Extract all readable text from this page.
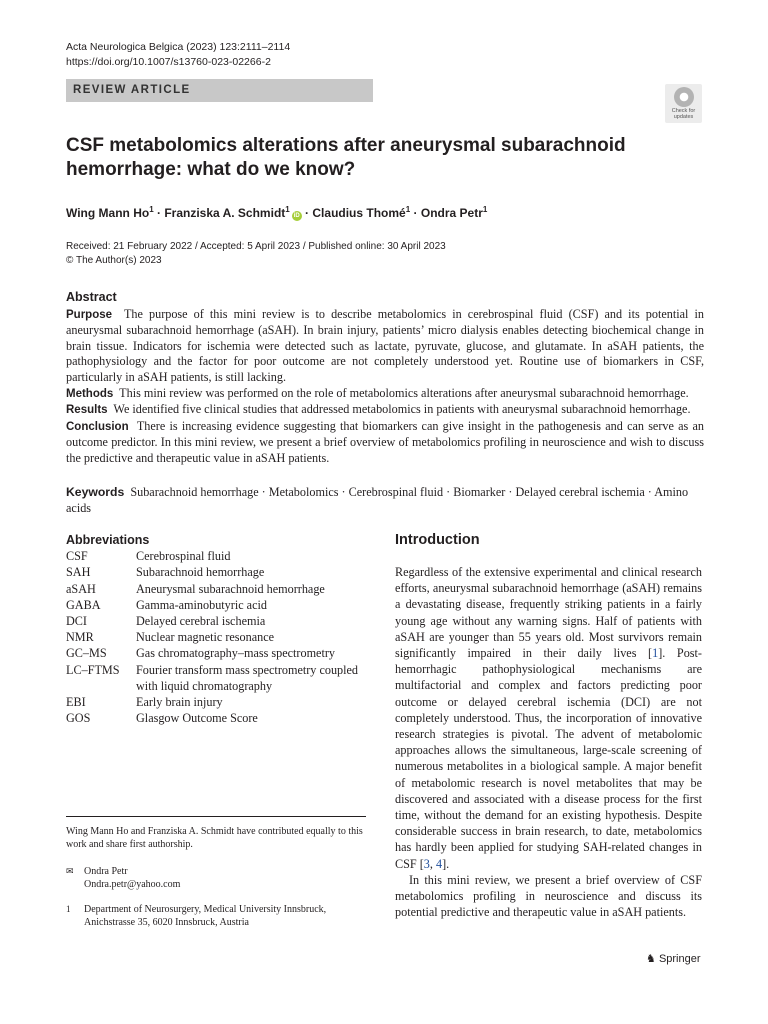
Acta Neurologica Belgica (2023) 123:2111–2114
https://doi.org/10.1007/s13760-023-02266-2
REVIEW ARTICLE
Check for
updates
CSF metabolomics alterations after aneurysmal subarachnoid hemorrhage: what do we know?
Wing Mann $Ho^1$ · Franziska A. Schmidt$^1$iD · Claudius Thomé$^1$ · Ondra Petr$^1$
Received: 21 February 2022 / Accepted: 5 April 2023 / Published online: 30 April 2023
© The Author(s) 2023
Abstract

Purpose The purpose of this mini review is to describe metabolomics in cerebrospinal fluid (CSF) and its potential in aneurysmal subarachnoid hemorrhage (aSAH). In brain injury, patients’ micro dialysis enables detecting biochemical change in brain tissue. Indicators for ischemia were detected such as lactate, pyruvate, glucose, and glutamate. In aSAH patients, the pathophysiology and the factor for poor outcome are not completely understood yet. Routine use of biomarkers in CSF, particularly in aSAH patients, is still lacking.

Methods This mini review was performed on the role of metabolomics alterations after aneurysmal subarachnoid hemorrhage.

Results We identified five clinical studies that addressed metabolomics in patients with aneurysmal subarachnoid hemorrhage.

Conclusion There is increasing evidence suggesting that biomarkers can give insight in the pathogenesis and can serve as an outcome predictor. In this mini review, we present a brief overview of metabolomics profiling in neuroscience and wish to discuss the predictive and therapeutic value in aSAH patients.

Keywords Subarachnoid hemorrhage · Metabolomics · Cerebrospinal fluid · Biomarker · Delayed cerebral ischemia · Amino acids
Abbreviations
CSF	Cerebrospinal fluid
SAH	Subarachnoid hemorrhage
aSAH	Aneurysmal subarachnoid hemorrhage
GABA	Gamma-aminobutyric acid
DCI	Delayed cerebral ischemia
NMR	Nuclear magnetic resonance
GC–MS	Gas chromatography–mass spectrometry
LC–FTMS	Fourier transform mass spectrometry coupled with liquid chromatography
EBI	Early brain injury
GOS	Glasgow Outcome Score
Wing Mann Ho and Franziska A. Schmidt have contributed equally to this work and share first authorship.
✉	Ondra Petr
Ondra.petr@yahoo.com
1	Department of Neurosurgery, Medical University Innsbruck, Anichstrasse 35, 6020 Innsbruck, Austria
Introduction

Regardless of the extensive experimental and clinical research efforts, aneurysmal subarachnoid hemorrhage (aSAH) remains a devastating disease, frequently striking patients in a fairly young age without any warning signs. Half of patients with aSAH are younger than 55 years old. Most survivors remain significantly impaired in their daily lives [1]. Post-hemorrhagic pathophysiological mechanisms are multifactorial and complex and factors predicting poor outcome or delayed cerebral ischemia (DCI) are not completely understood. Thus, the incorporation of innovative research strategies is pivotal. The advent of metabolomic approaches allows the simultaneous, large-scale screening of numerous metabolites in a biological sample. A major benefit of metabolomic research is novel metabolites that may be discovered and associated with a disease process for the first time, without the demand for an existing hypothesis. Despite considerable success in brain research, to date, metabolomics has hardly been applied for studying SAH-related changes in CSF [3, 4].

In this mini review, we present a brief overview of CSF metabolomics profiling in neuroscience and discuss its potential predictive and therapeutic value in aSAH patients.

♞ Springer
